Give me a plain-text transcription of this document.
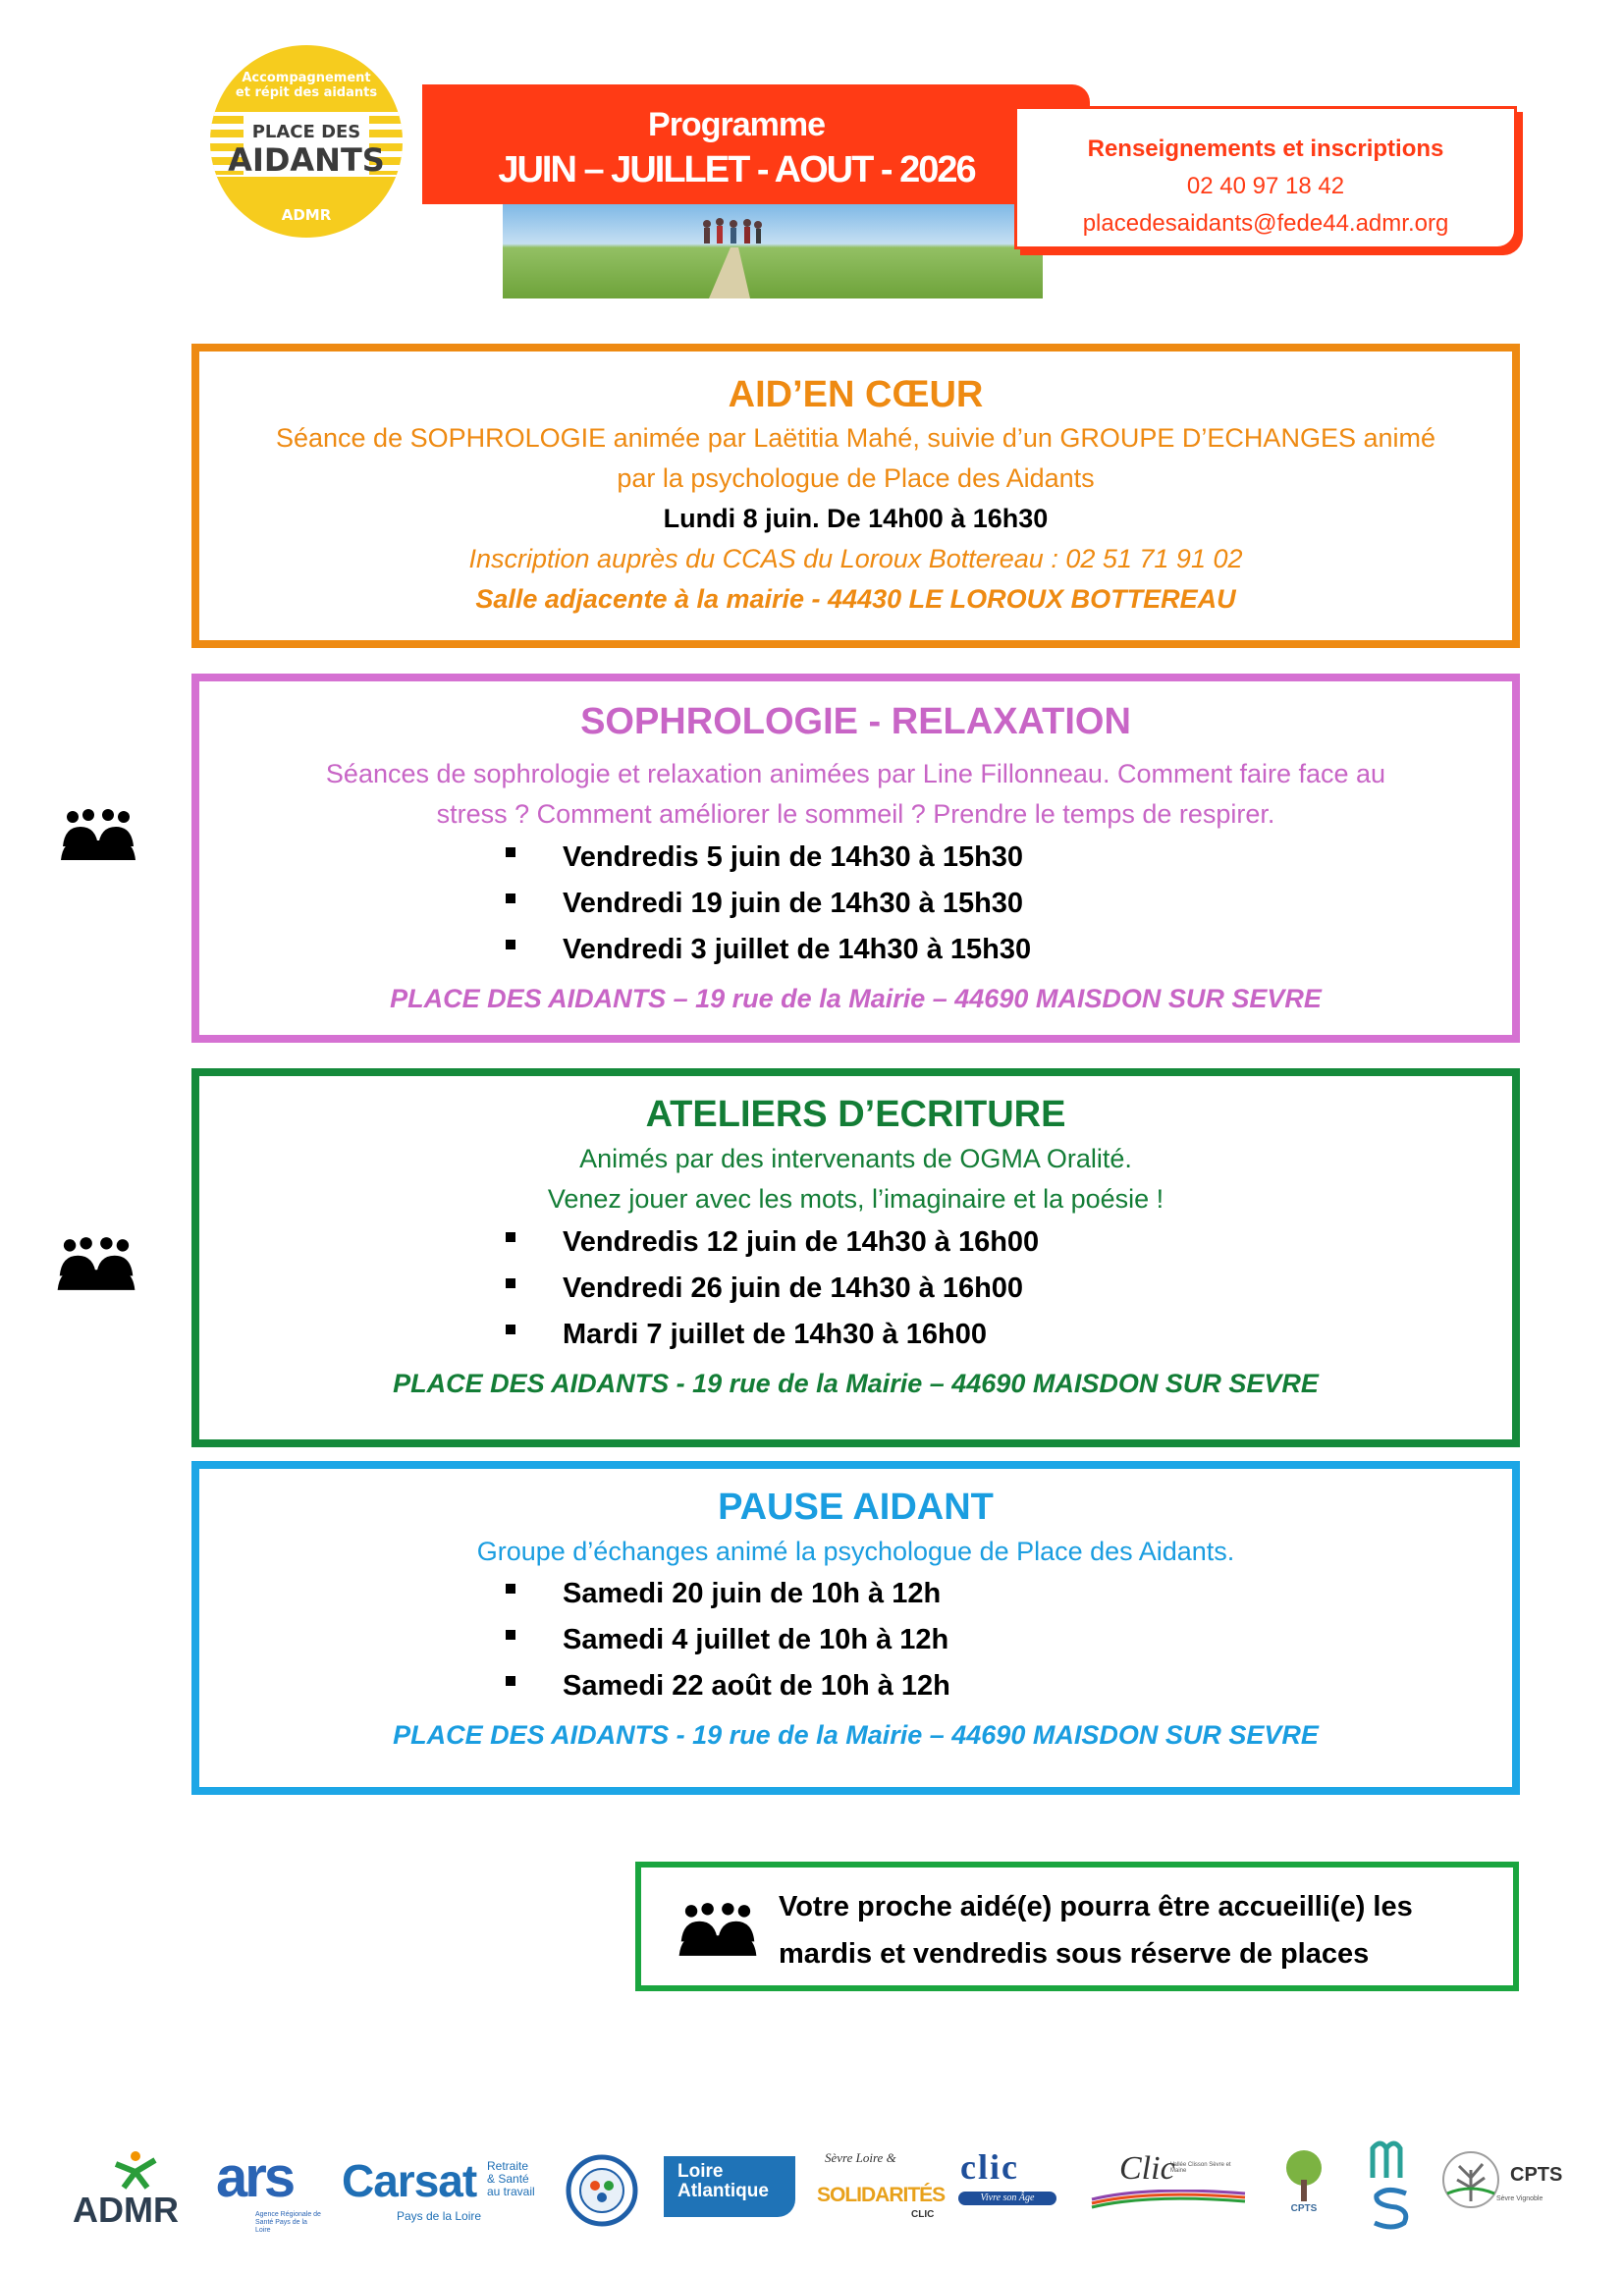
Accompagnement
et répit des aidants
PLACE DES
AIDANTS
ADMR
Programme
JUIN – JUILLET - AOUT - 2026
Renseignements et inscriptions
02 40 97 18 42
placedesaidants@fede44.admr.org
AID’EN CŒUR
Séance de SOPHROLOGIE animée par Laëtitia Mahé, suivie d’un GROUPE D’ECHANGES animé
par la psychologue de Place des Aidants
Lundi 8 juin. De 14h00 à 16h30
Inscription auprès du CCAS du Loroux Bottereau : 02 51 71 91 02
Salle adjacente à la mairie - 44430 LE LOROUX BOTTEREAU
SOPHROLOGIE - RELAXATION
Séances de sophrologie et relaxation animées par Line Fillonneau. Comment faire face au
stress ? Comment améliorer le sommeil ? Prendre le temps de respirer.
Vendredis 5 juin de 14h30 à 15h30
Vendredi 19 juin de 14h30 à 15h30
Vendredi 3 juillet de 14h30 à 15h30
PLACE DES AIDANTS – 19 rue de la Mairie – 44690 MAISDON SUR SEVRE
ATELIERS D’ECRITURE
Animés par des intervenants de OGMA Oralité.
Venez jouer avec les mots, l’imaginaire et la poésie !
Vendredis 12 juin de 14h30 à 16h00
Vendredi 26 juin de 14h30 à 16h00
Mardi 7 juillet de 14h30 à 16h00
PLACE DES AIDANTS - 19 rue de la Mairie – 44690 MAISDON SUR SEVRE
PAUSE AIDANT
Groupe d’échanges animé la psychologue de Place des Aidants.
Samedi 20 juin de 10h à 12h
Samedi 4 juillet de 10h à 12h
Samedi 22 août de 10h à 12h
PLACE DES AIDANTS - 19 rue de la Mairie – 44690 MAISDON SUR SEVRE
Votre proche aidé(e) pourra être accueilli(e) les
mardis et vendredis sous réserve de places
ADMR
ars
Agence Régionale de Santé Pays de la Loire
Carsat Retraite
& Santé
au travail
Pays de la Loire
Loire
Atlantique
Sèvre Loire &
SOLIDARITÉS
CLIC
clic
Vivre son Âge
Clic
Vallée Clisson Sèvre et Maine
CPTS
CPTS
Sèvre Vignoble
